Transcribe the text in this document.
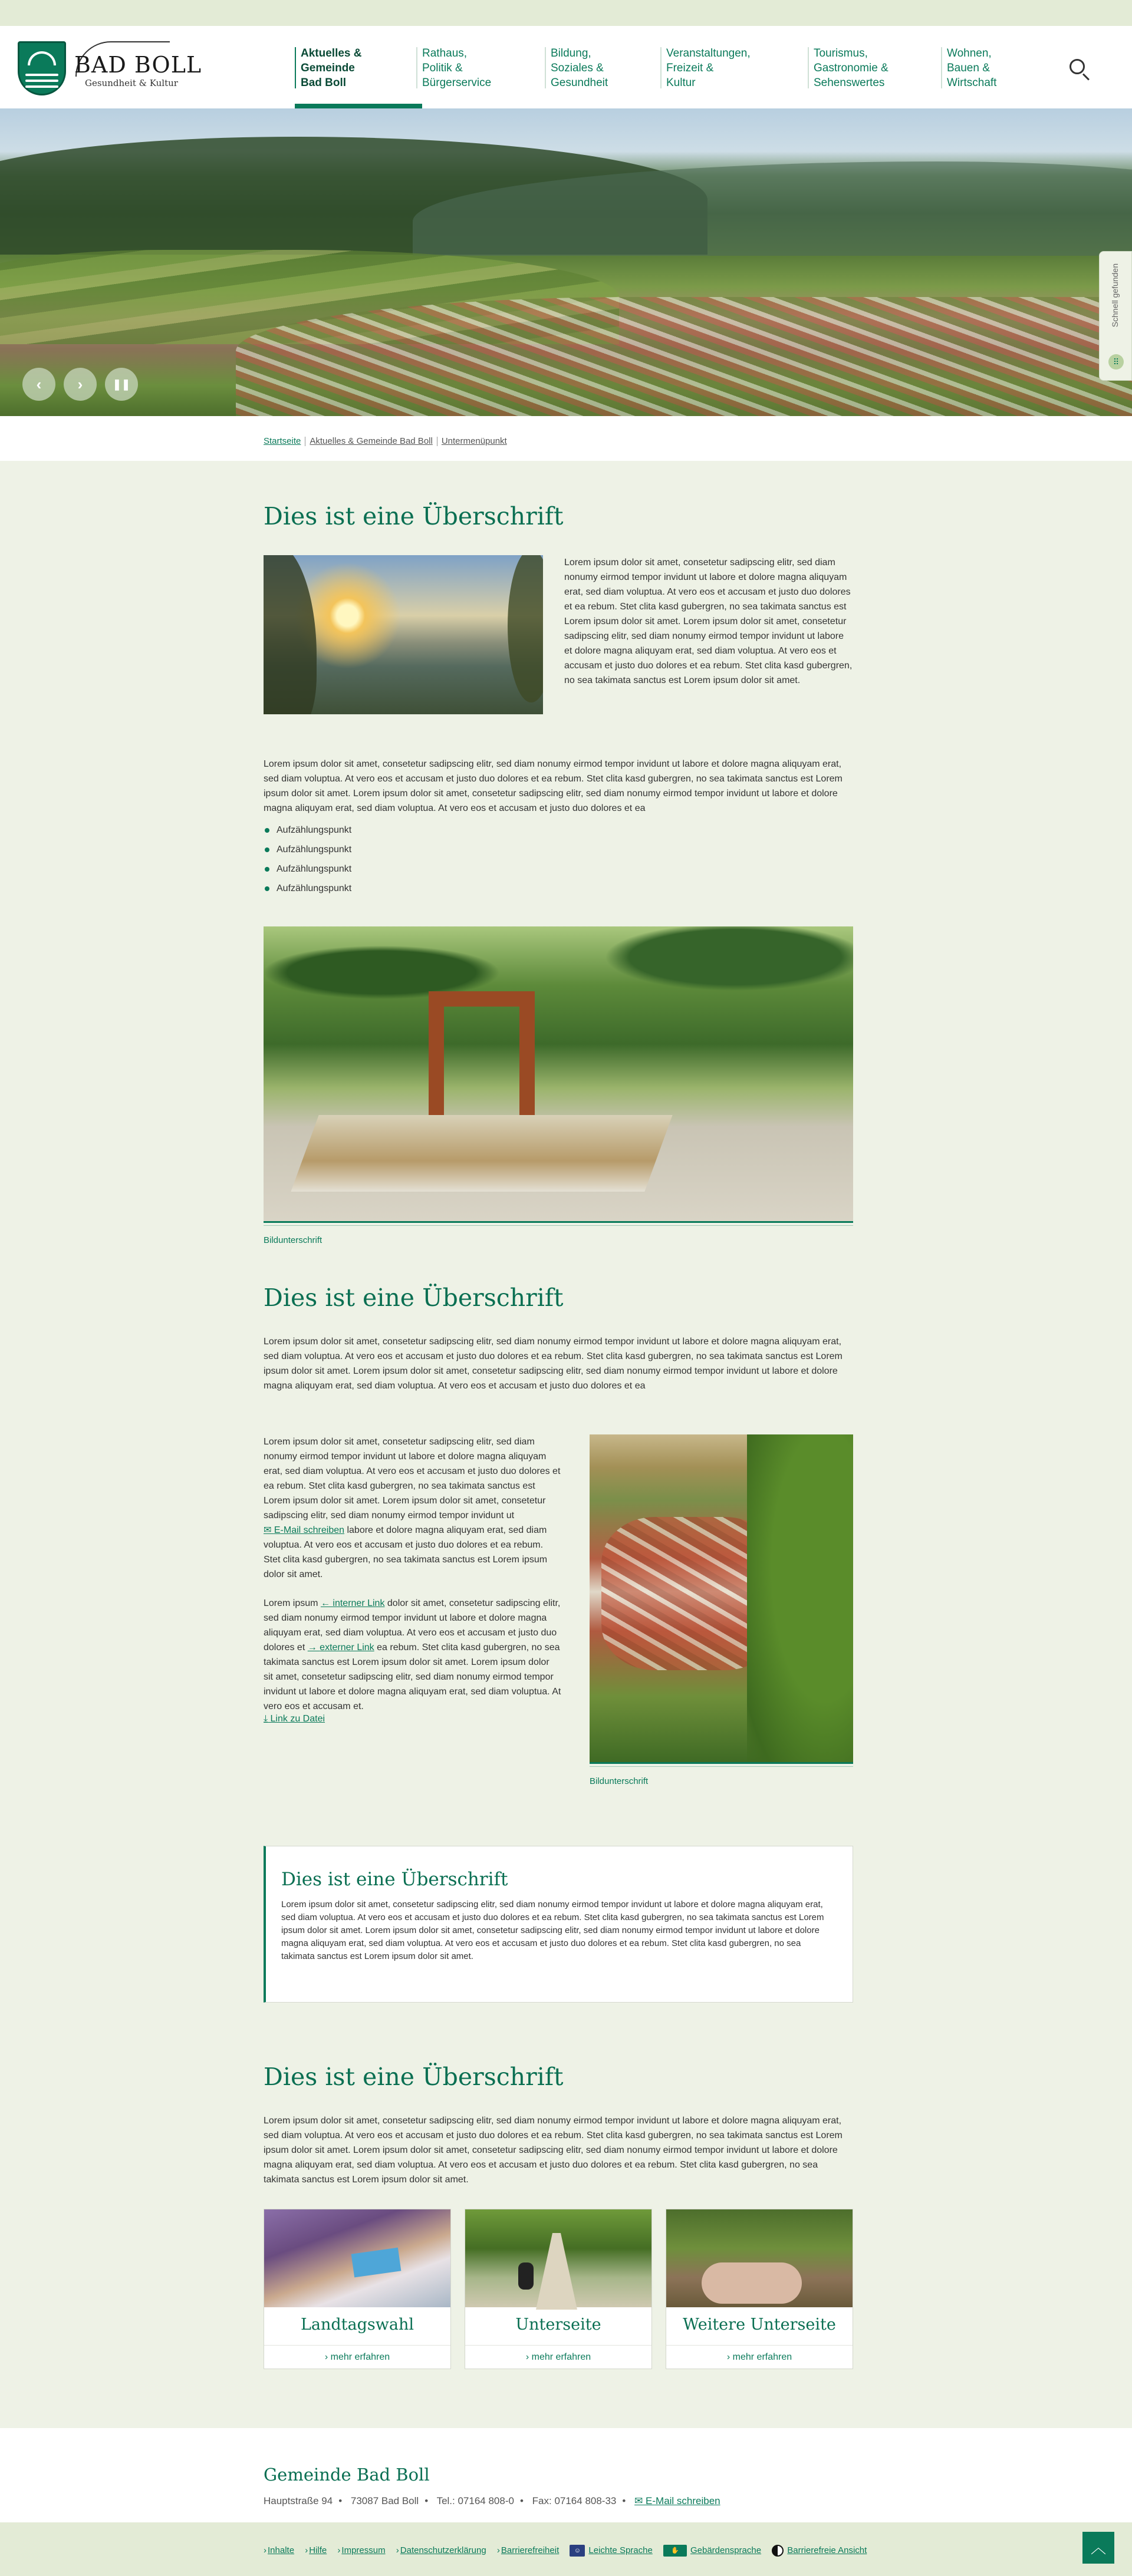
BAD BOLL
Gesundheit & Kultur
Aktuelles &
Gemeinde
Bad Boll
Rathaus,
Politik &
Bürgerservice
Bildung,
Soziales &
Gesundheit
Veranstaltungen,
Freizeit &
Kultur
Tourismus,
Gastronomie &
Sehenswertes
Wohnen,
Bauen &
Wirtschaft
‹	›	❚❚
Schnell gefunden
⠿
Startseite Aktuelles & Gemeinde Bad Boll Untermenüpunkt
Dies ist eine Überschrift

Lorem ipsum dolor sit amet, consetetur sadipscing elitr, sed diam nonumy eirmod tempor invidunt ut labore et dolore magna aliquyam erat, sed diam voluptua. At vero eos et accusam et justo duo dolores et ea rebum. Stet clita kasd gubergren, no sea takimata sanctus est Lorem ipsum dolor sit amet. Lorem ipsum dolor sit amet, consetetur sadipscing elitr, sed diam nonumy eirmod tempor invidunt ut labore et dolore magna aliquyam erat, sed diam voluptua. At vero eos et accusam et justo duo dolores et ea rebum. Stet clita kasd gubergren, no sea takimata sanctus est Lorem ipsum dolor sit amet.

Lorem ipsum dolor sit amet, consetetur sadipscing elitr, sed diam nonumy eirmod tempor invidunt ut labore et dolore magna aliquyam erat, sed diam voluptua. At vero eos et accusam et justo duo dolores et ea rebum. Stet clita kasd gubergren, no sea takimata sanctus est Lorem ipsum dolor sit amet. Lorem ipsum dolor sit amet, consetetur sadipscing elitr, sed diam nonumy eirmod tempor invidunt ut labore et dolore magna aliquyam erat, sed diam voluptua. At vero eos et accusam et justo duo dolores et ea

Aufzählungspunkt
Aufzählungspunkt
Aufzählungspunkt
Aufzählungspunkt
Bildunterschrift
Dies ist eine Überschrift

Lorem ipsum dolor sit amet, consetetur sadipscing elitr, sed diam nonumy eirmod tempor invidunt ut labore et dolore magna aliquyam erat, sed diam voluptua. At vero eos et accusam et justo duo dolores et ea rebum. Stet clita kasd gubergren, no sea takimata sanctus est Lorem ipsum dolor sit amet. Lorem ipsum dolor sit amet, consetetur sadipscing elitr, sed diam nonumy eirmod tempor invidunt ut labore et dolore magna aliquyam erat, sed diam voluptua. At vero eos et accusam et justo duo dolores et ea

Lorem ipsum dolor sit amet, consetetur sadipscing elitr, sed diam nonumy eirmod tempor invidunt ut labore et dolore magna aliquyam erat, sed diam voluptua. At vero eos et accusam et justo duo dolores et ea rebum. Stet clita kasd gubergren, no sea takimata sanctus est Lorem ipsum dolor sit amet. Lorem ipsum dolor sit amet, consetetur sadipscing elitr, sed diam nonumy eirmod tempor invidunt ut ✉ E-Mail schreiben labore et dolore magna aliquyam erat, sed diam voluptua. At vero eos et accusam et justo duo dolores et ea rebum. Stet clita kasd gubergren, no sea takimata sanctus est Lorem ipsum dolor sit amet.

Lorem ipsum ← interner Link dolor sit amet, consetetur sadipscing elitr, sed diam nonumy eirmod tempor invidunt ut labore et dolore magna aliquyam erat, sed diam voluptua. At vero eos et accusam et justo duo dolores et → externer Link ea rebum. Stet clita kasd gubergren, no sea takimata sanctus est Lorem ipsum dolor sit amet. Lorem ipsum dolor sit amet, consetetur sadipscing elitr, sed diam nonumy eirmod tempor invidunt ut labore et dolore magna aliquyam erat, sed diam voluptua. At vero eos et accusam et.

⤓ Link zu Datei
Bildunterschrift
Dies ist eine Überschrift

Lorem ipsum dolor sit amet, consetetur sadipscing elitr, sed diam nonumy eirmod tempor invidunt ut labore et dolore magna aliquyam erat, sed diam voluptua. At vero eos et accusam et justo duo dolores et ea rebum. Stet clita kasd gubergren, no sea takimata sanctus est Lorem ipsum dolor sit amet. Lorem ipsum dolor sit amet, consetetur sadipscing elitr, sed diam nonumy eirmod tempor invidunt ut labore et dolore magna aliquyam erat, sed diam voluptua. At vero eos et accusam et justo duo dolores et ea rebum. Stet clita kasd gubergren, no sea takimata sanctus est Lorem ipsum dolor sit amet.

Dies ist eine Überschrift

Lorem ipsum dolor sit amet, consetetur sadipscing elitr, sed diam nonumy eirmod tempor invidunt ut labore et dolore magna aliquyam erat, sed diam voluptua. At vero eos et accusam et justo duo dolores et ea rebum. Stet clita kasd gubergren, no sea takimata sanctus est Lorem ipsum dolor sit amet. Lorem ipsum dolor sit amet, consetetur sadipscing elitr, sed diam nonumy eirmod tempor invidunt ut labore et dolore magna aliquyam erat, sed diam voluptua. At vero eos et accusam et justo duo dolores et ea rebum. Stet clita kasd gubergren, no sea takimata sanctus est Lorem ipsum dolor sit amet.

Landtagswahl
› mehr erfahren
Unterseite
› mehr erfahren
Weitere Unterseite
› mehr erfahren
Gemeinde Bad Boll
Hauptstraße 94 • 73087 Bad Boll • Tel.: 07164 808-0 • Fax: 07164 808-33 • ✉ E-Mail schreiben
› Inhalte › Hilfe › Impressum › Datenschutzerklärung › Barrierefreiheit ☺ Leichte Sprache	✋ Gebärdensprache	Barrierefreie Ansicht	︿
